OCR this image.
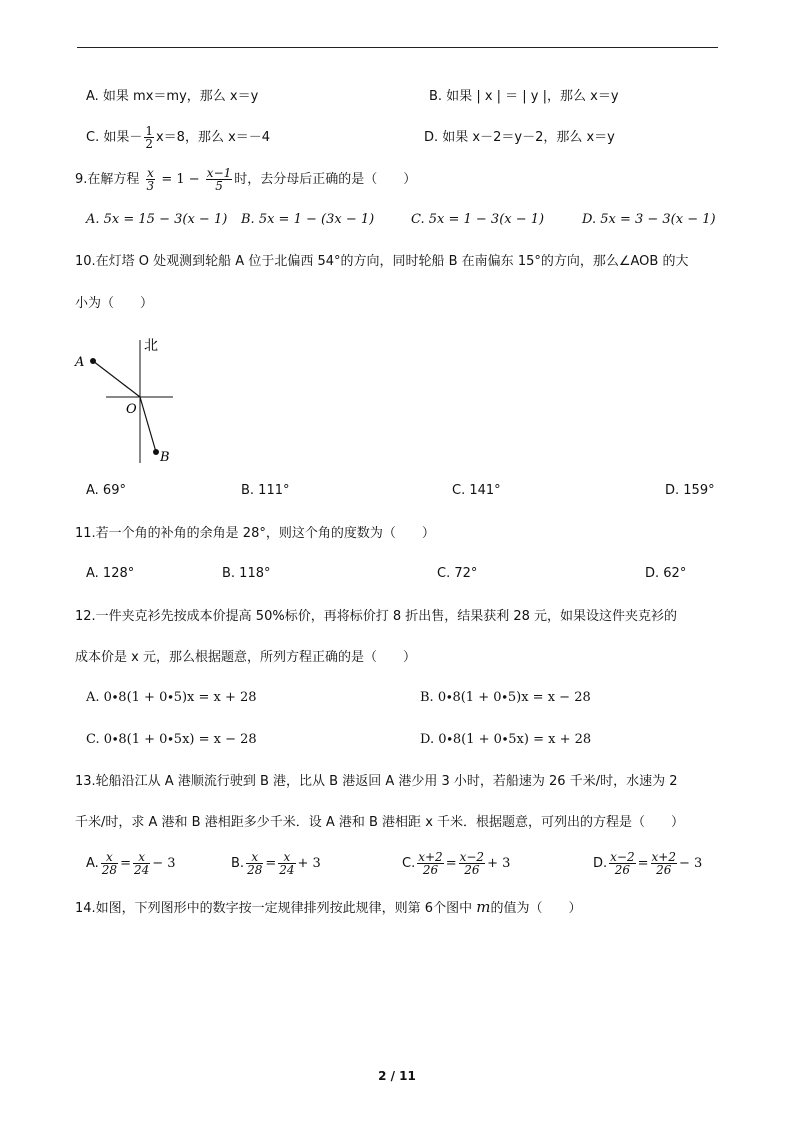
A. 如果 mx＝my，那么 x＝y	B. 如果 | x | ＝ | y |，那么 x＝y
C. 如果－ $\frac{1}{2} x=8$，那么 x＝－4	D. 如果 x－2＝y－2，那么 x＝y
9.在解方程 $\frac{x}{3} = 1 - \frac{x-1}{5}$ 时，去分母后正确的是（　　）
A. 5x = 15 − 3(x − 1) B. 5x = 1 − (3x − 1)	C. 5x = 1 − 3(x − 1)	D. 5x = 3 − 3(x − 1)
10.在灯塔 O 处观测到轮船 A 位于北偏西 54°的方向，同时轮船 B 在南偏东 15°的方向，那么∠AOB 的大
小为（　　）
北
A
O
B
A. 69°	B. 111°	C. 141°	D. 159°
11.若一个角的补角的余角是 28°，则这个角的度数为（　　）
A. 128°	B. 118°	C. 72°	D. 62°
12.一件夹克衫先按成本价提高 50%标价，再将标价打 8 折出售，结果获利 28 元，如果设这件夹克衫的
成本价是 x 元，那么根据题意，所列方程正确的是（　　）
A. 0∙8(1 + 0∙5)x = x + 28	B. 0∙8(1 + 0∙5)x = x − 28
C. 0∙8(1 + 0∙5x) = x − 28	D. 0∙8(1 + 0∙5x) = x + 28
13.轮船沿江从 A 港顺流行驶到 B 港，比从 B 港返回 A 港少用 3 小时，若船速为 26 千米/时，水速为 2
千米/时，求 A 港和 B 港相距多少千米．设 A 港和 B 港相距 x 千米．根据题意，可列出的方程是（　　）
A. $\frac{x}{28} = \frac{x}{24} - 3$	B. $\frac{x}{28} = \frac{x}{24} + 3$	C. $\frac{x+2}{26} = \frac{x-2}{26} + 3$	D. $\frac{x-2}{26} = \frac{x+2}{26} - 3$
14.如图，下列图形中的数字按一定规律排列按此规律，则第 6个图中 m的值为（　　）
2 / 11
